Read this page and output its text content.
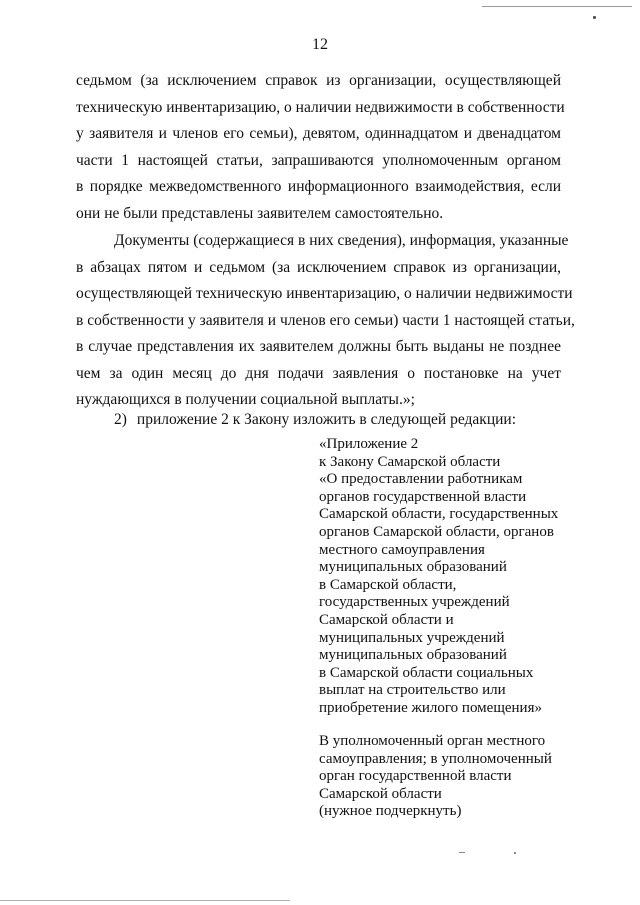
12
седьмом (за исключением справок из организации, осуществляющей
техническую инвентаризацию, о наличии недвижимости в собственности
у заявителя и членов его семьи), девятом, одиннадцатом и двенадцатом
части 1 настоящей статьи, запрашиваются уполномоченным органом
в порядке межведомственного информационного взаимодействия, если
они не были представлены заявителем самостоятельно.
Документы (содержащиеся в них сведения), информация, указанные
в абзацах пятом и седьмом (за исключением справок из организации,
осуществляющей техническую инвентаризацию, о наличии недвижимости
в собственности у заявителя и членов его семьи) части 1 настоящей статьи,
в случае представления их заявителем должны быть выданы не позднее
чем за один месяц до дня подачи заявления о постановке на учет
нуждающихся в получении социальной выплаты.»;
2) приложение 2 к Закону изложить в следующей редакции:
«Приложение 2
к Закону Самарской области
«О предоставлении работникам
органов государственной власти
Самарской области, государственных
органов Самарской области, органов
местного самоуправления
муниципальных образований
в Самарской области,
государственных учреждений
Самарской области и
муниципальных учреждений
муниципальных образований
в Самарской области социальных
выплат на строительство или
приобретение жилого помещения»
В уполномоченный орган местного
самоуправления; в уполномоченный
орган государственной власти
Самарской области
(нужное подчеркнуть)
